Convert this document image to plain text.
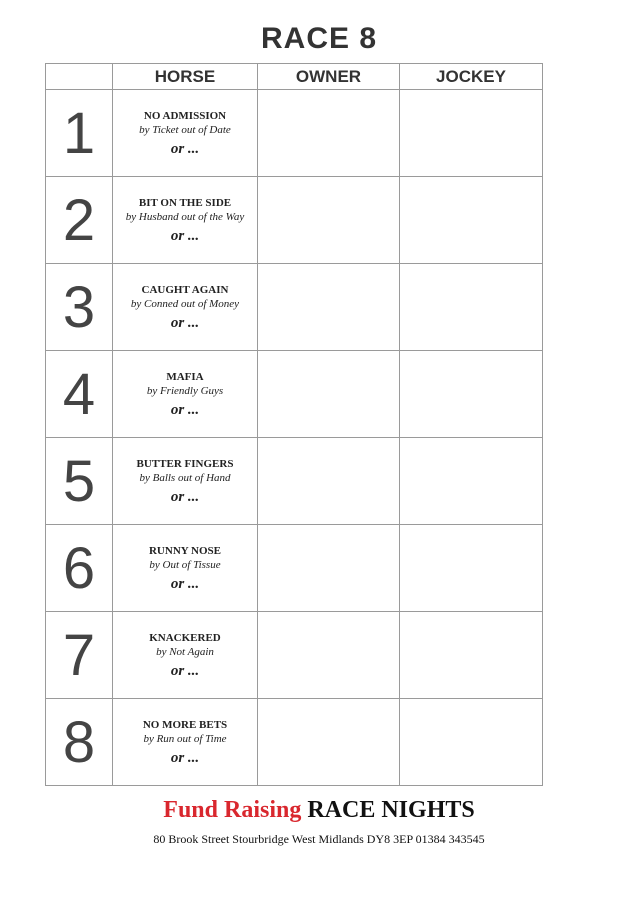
RACE 8
	HORSE	OWNER	JOCKEY
1	NO ADMISSION
by Ticket out of Date
or ...		

2	BIT ON THE SIDE
by Husband out of the Way
or ...		

3	CAUGHT AGAIN
by Conned out of Money
or ...		

4	MAFIA
by Friendly Guys
or ...		

5	BUTTER FINGERS
by Balls out of Hand
or ...		

6	RUNNY NOSE
by Out of Tissue
or ...		

7	KNACKERED
by Not Again
or ...		

8	NO MORE BETS
by Run out of Time
or ...		

Fund Raising RACE NIGHTS
80 Brook Street Stourbridge West Midlands DY8 3EP 01384 343545
